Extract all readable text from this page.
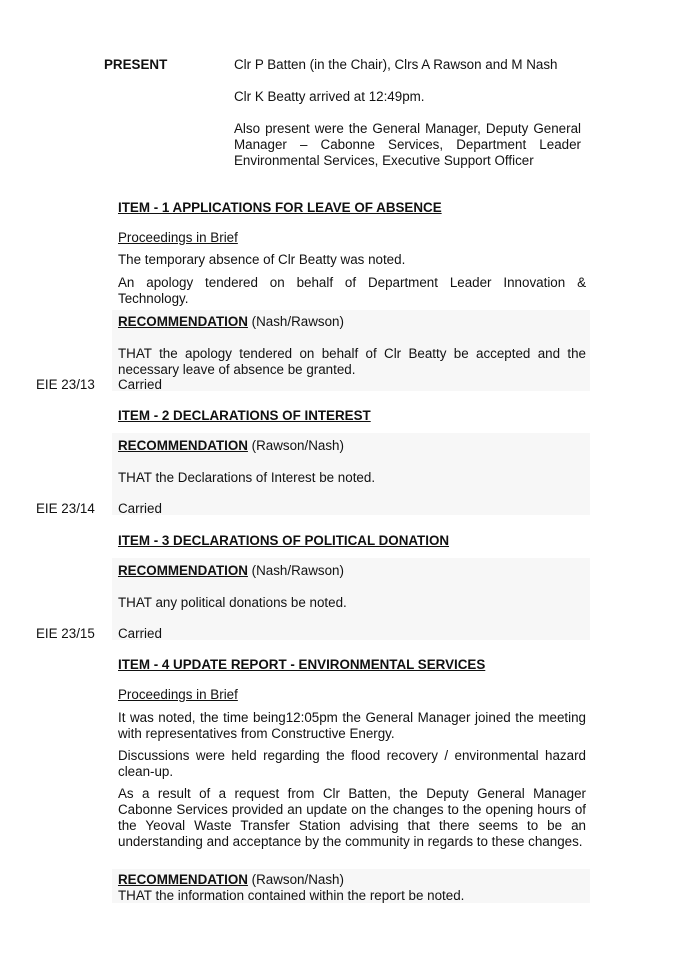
PRESENT	Clr P Batten (in the Chair), Clrs A Rawson and M Nash
Clr K Beatty arrived at 12:49pm.
Also present were the General Manager, Deputy General Manager – Cabonne Services, Department Leader Environmental Services, Executive Support Officer
ITEM - 1 APPLICATIONS FOR LEAVE OF ABSENCE
Proceedings in Brief
The temporary absence of Clr Beatty was noted.
An apology tendered on behalf of Department Leader Innovation & Technology.
RECOMMENDATION (Nash/Rawson)
THAT the apology tendered on behalf of Clr Beatty be accepted and the necessary leave of absence be granted.
EIE 23/13 Carried
ITEM - 2 DECLARATIONS OF INTEREST
RECOMMENDATION (Rawson/Nash)
THAT the Declarations of Interest be noted.
EIE 23/14 Carried
ITEM - 3 DECLARATIONS OF POLITICAL DONATION
RECOMMENDATION (Nash/Rawson)
THAT any political donations be noted.
EIE 23/15 Carried
ITEM - 4 UPDATE REPORT - ENVIRONMENTAL SERVICES
Proceedings in Brief
It was noted, the time being12:05pm the General Manager joined the meeting with representatives from Constructive Energy.
Discussions were held regarding the flood recovery / environmental hazard clean-up.
As a result of a request from Clr Batten, the Deputy General Manager Cabonne Services provided an update on the changes to the opening hours of the Yeoval Waste Transfer Station advising that there seems to be an understanding and acceptance by the community in regards to these changes.
RECOMMENDATION (Rawson/Nash)
THAT the information contained within the report be noted.
